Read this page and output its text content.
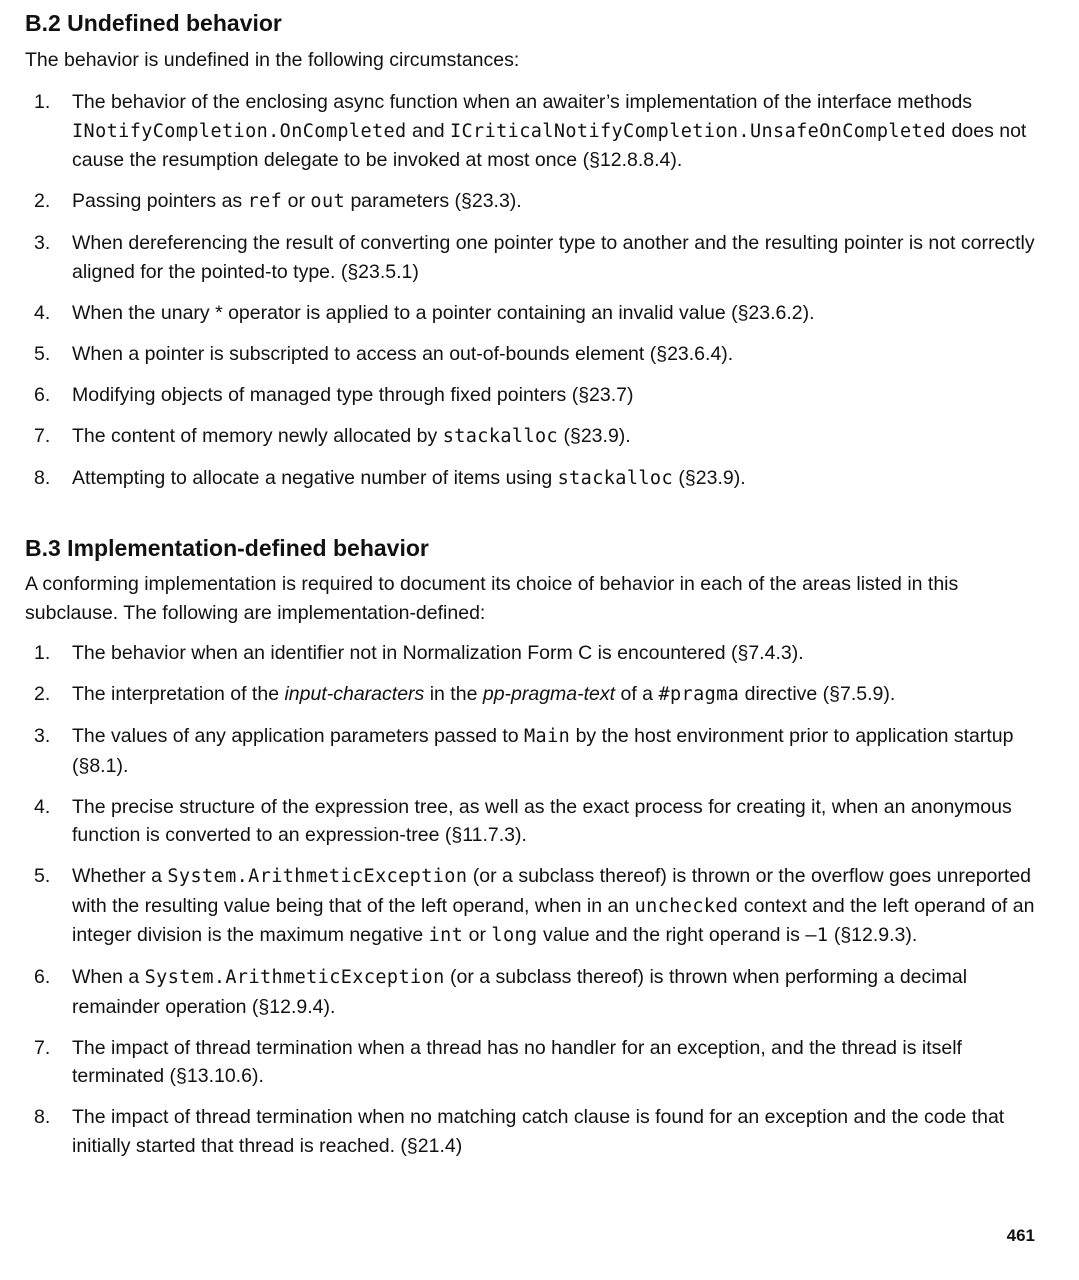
B.2 Undefined behavior

The behavior is undefined in the following circumstances:

1. The behavior of the enclosing async function when an awaiter’s implementation of the interface methods INotifyCompletion.OnCompleted and ICriticalNotifyCompletion.UnsafeOnCompleted does not cause the resumption delegate to be invoked at most once (§12.8.8.4).
2. Passing pointers as ref or out parameters (§23.3).
3. When dereferencing the result of converting one pointer type to another and the resulting pointer is not correctly aligned for the pointed-to type. (§23.5.1)
4. When the unary * operator is applied to a pointer containing an invalid value (§23.6.2).
5. When a pointer is subscripted to access an out-of-bounds element (§23.6.4).
6. Modifying objects of managed type through fixed pointers (§23.7)
7. The content of memory newly allocated by stackalloc (§23.9).
8. Attempting to allocate a negative number of items using stackalloc (§23.9).
B.3 Implementation-defined behavior

A conforming implementation is required to document its choice of behavior in each of the areas listed in this subclause. The following are implementation-defined:

1. The behavior when an identifier not in Normalization Form C is encountered (§7.4.3).
2. The interpretation of the input-characters in the pp-pragma-text of a #pragma directive (§7.5.9).
3. The values of any application parameters passed to Main by the host environment prior to application startup (§8.1).
4. The precise structure of the expression tree, as well as the exact process for creating it, when an anonymous function is converted to an expression-tree (§11.7.3).
5. Whether a System.ArithmeticException (or a subclass thereof) is thrown or the overflow goes unreported with the resulting value being that of the left operand, when in an unchecked context and the left operand of an integer division is the maximum negative int or long value and the right operand is –1 (§12.9.3).
6. When a System.ArithmeticException (or a subclass thereof) is thrown when performing a decimal remainder operation (§12.9.4).
7. The impact of thread termination when a thread has no handler for an exception, and the thread is itself terminated (§13.10.6).
8. The impact of thread termination when no matching catch clause is found for an exception and the code that initially started that thread is reached. (§21.4)
461
